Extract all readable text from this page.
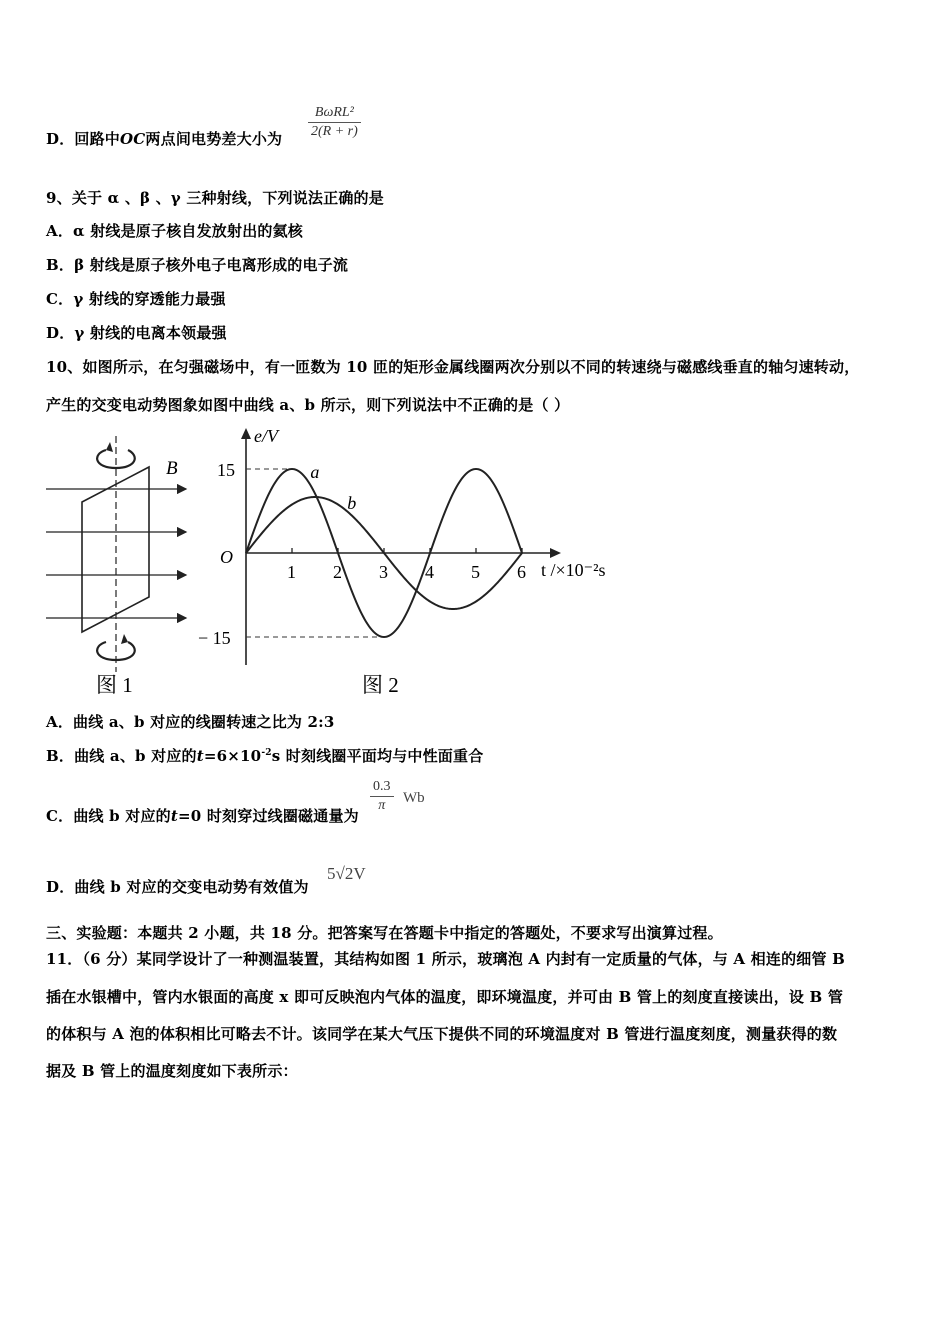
D．回路中OC两点间电势差大小为
BωRL²
2(R + r)
9、关于 α 、β 、γ 三种射线，下列说法正确的是
A．α 射线是原子核自发放射出的氦核
B．β 射线是原子核外电子电离形成的电子流
C．γ 射线的穿透能力最强
D．γ 射线的电离本领最强
10、如图所示，在匀强磁场中，有一匝数为 10 匝的矩形金属线圈两次分别以不同的转速绕与磁感线垂直的轴匀速转动，
产生的交变电动势图象如图中曲线 a、b 所示，则下列说法中不正确的是（ ）
B
图 1
e/V
t /×10⁻²s
O
1 2 3 4 5 6
15
− 15
a
b
图 2
A．曲线 a、b 对应的线圈转速之比为 2:3
B．曲线 a、b 对应的$t=6\times 10^{-2}s$ 时刻线圈平面均与中性面重合
C．曲线 b 对应的t=0 时刻穿过线圈磁通量为
0.3
π	Wb
D．曲线 b 对应的交变电动势有效值为
5√2V
三、实验题：本题共 2 小题，共 18 分。把答案写在答题卡中指定的答题处，不要求写出演算过程。
11．（6 分）某同学设计了一种测温装置，其结构如图 1 所示，玻璃泡 A 内封有一定质量的气体，与 A 相连的细管 B
插在水银槽中，管内水银面的高度 x 即可反映泡内气体的温度，即环境温度，并可由 B 管上的刻度直接读出，设 B 管
的体积与 A 泡的体积相比可略去不计。该同学在某大气压下提供不同的环境温度对 B 管进行温度刻度，测量获得的数
据及 B 管上的温度刻度如下表所示：
